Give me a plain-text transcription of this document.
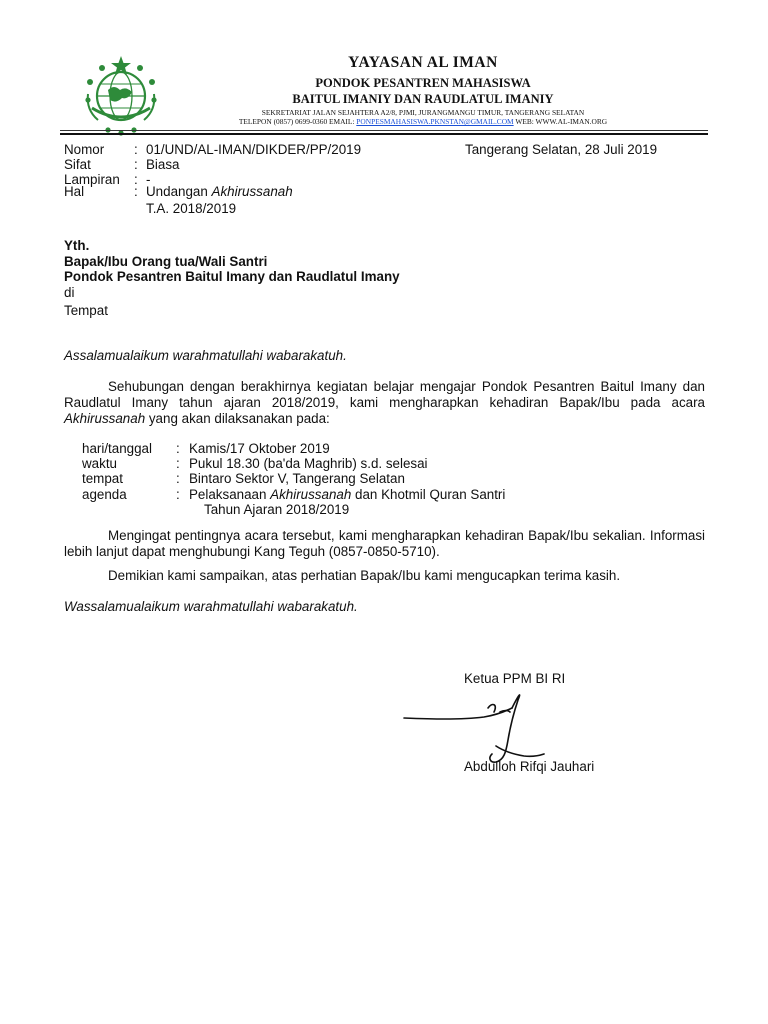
YAYASAN AL IMAN
PONDOK PESANTREN MAHASISWA
BAITUL IMANIY DAN RAUDLATUL IMANIY
SEKRETARIAT JALAN SEJAHTERA A2/8, PJMI, JURANGMANGU TIMUR, TANGERANG SELATAN
TELEPON (0857) 0699-0360 EMAIL: PONPESMAHASISWA.PKNSTAN@GMAIL.COM WEB: WWW.AL-IMAN.ORG
Nomor : 01/UND/AL-IMAN/DIKDER/PP/2019	Tangerang Selatan, 28 Juli 2019
Sifat	: Biasa
Lampiran : -
Hal	: Undangan Akhirussanah
T.A. 2018/2019
Yth.
Bapak/Ibu Orang tua/Wali Santri
Pondok Pesantren Baitul Imany dan Raudlatul Imany
di
Tempat
Assalamualaikum warahmatullahi wabarakatuh.
Sehubungan dengan berakhirnya kegiatan belajar mengajar Pondok Pesantren Baitul Imany dan Raudlatul Imany tahun ajaran 2018/2019, kami mengharapkan kehadiran Bapak/Ibu pada acara Akhirussanah yang akan dilaksanakan pada:
hari/tanggal : Kamis/17 Oktober 2019
waktu	: Pukul 18.30 (ba'da Maghrib) s.d. selesai
tempat	: Bintaro Sektor V, Tangerang Selatan
agenda	: Pelaksanaan Akhirussanah dan Khotmil Quran Santri
Tahun Ajaran 2018/2019
Mengingat pentingnya acara tersebut, kami mengharapkan kehadiran Bapak/Ibu sekalian. Informasi lebih lanjut dapat menghubungi Kang Teguh (0857-0850-5710).
Demikian kami sampaikan, atas perhatian Bapak/Ibu kami mengucapkan terima kasih.
Wassalamualaikum warahmatullahi wabarakatuh.
Ketua PPM BI RI
Abdulloh Rifqi Jauhari
